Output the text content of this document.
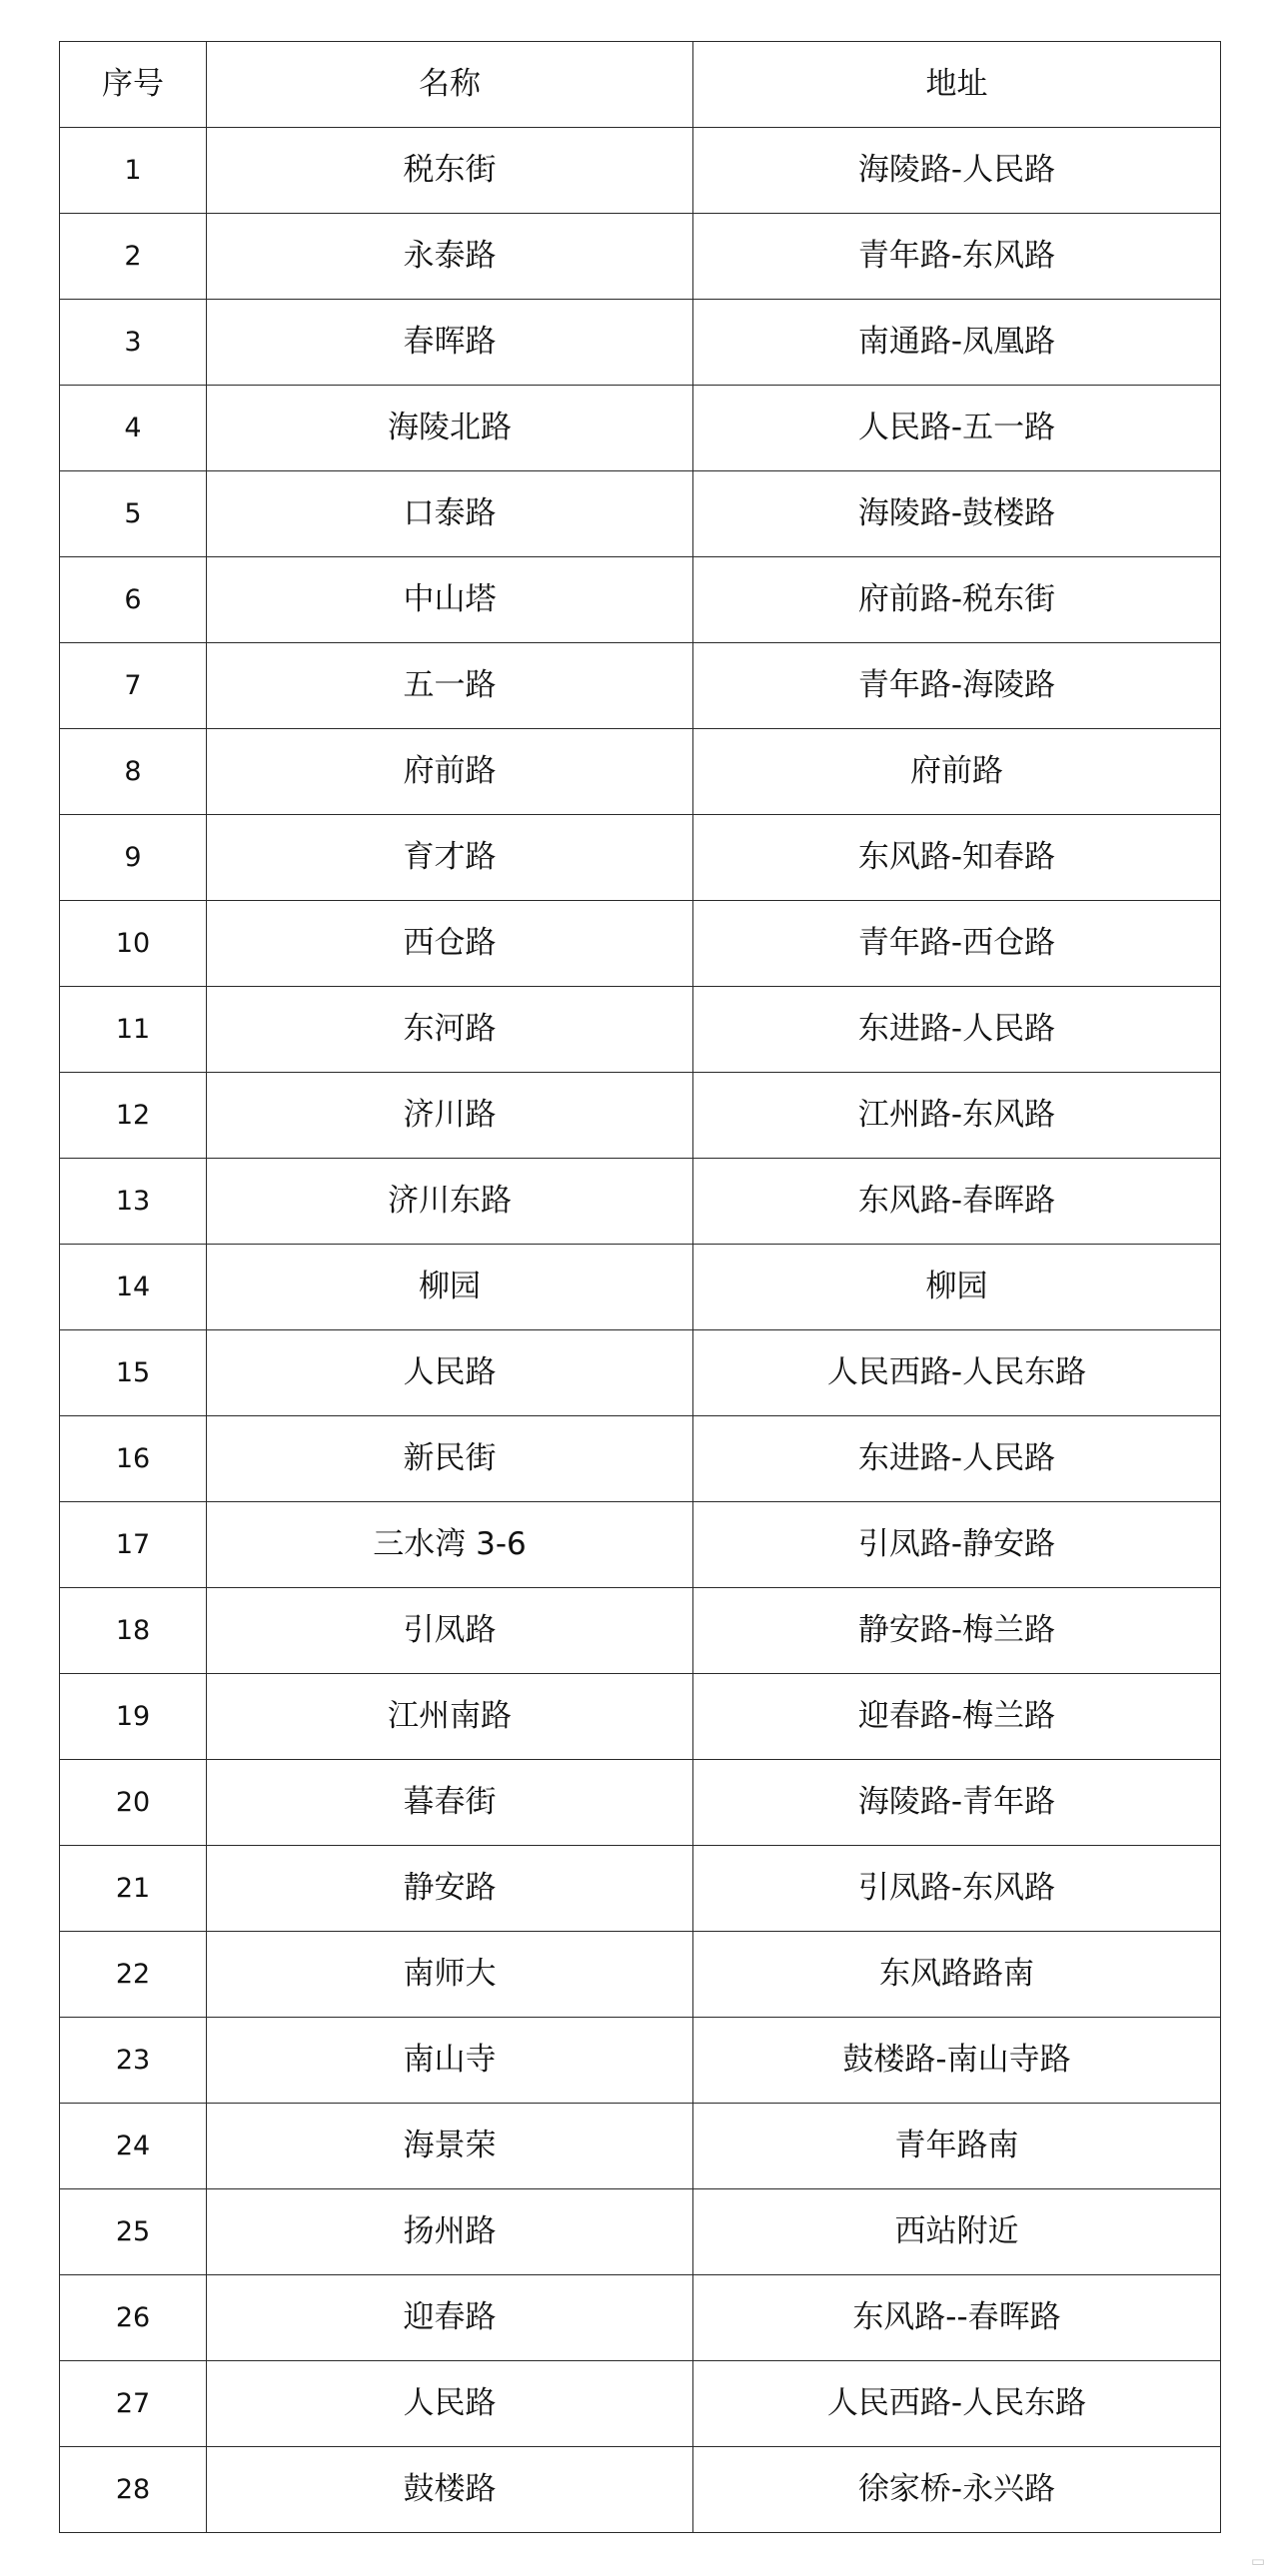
序号	名称	地址
1	税东街	海陵路-人民路
2	永泰路	青年路-东风路
3	春晖路	南通路-凤凰路
4	海陵北路	人民路-五一路
5	口泰路	海陵路-鼓楼路
6	中山塔	府前路-税东街
7	五一路	青年路-海陵路
8	府前路	府前路
9	育才路	东风路-知春路
10	西仓路	青年路-西仓路
11	东河路	东进路-人民路
12	济川路	江州路-东风路
13	济川东路	东风路-春晖路
14	柳园	柳园
15	人民路	人民西路-人民东路
16	新民街	东进路-人民路
17	三水湾 3-6	引凤路-静安路
18	引凤路	静安路-梅兰路
19	江州南路	迎春路-梅兰路
20	暮春街	海陵路-青年路
21	静安路	引凤路-东风路
22	南师大	东风路路南
23	南山寺	鼓楼路-南山寺路
24	海景荣	青年路南
25	扬州路	西站附近
26	迎春路	东风路--春晖路
27	人民路	人民西路-人民东路
28	鼓楼路	徐家桥-永兴路
▭
